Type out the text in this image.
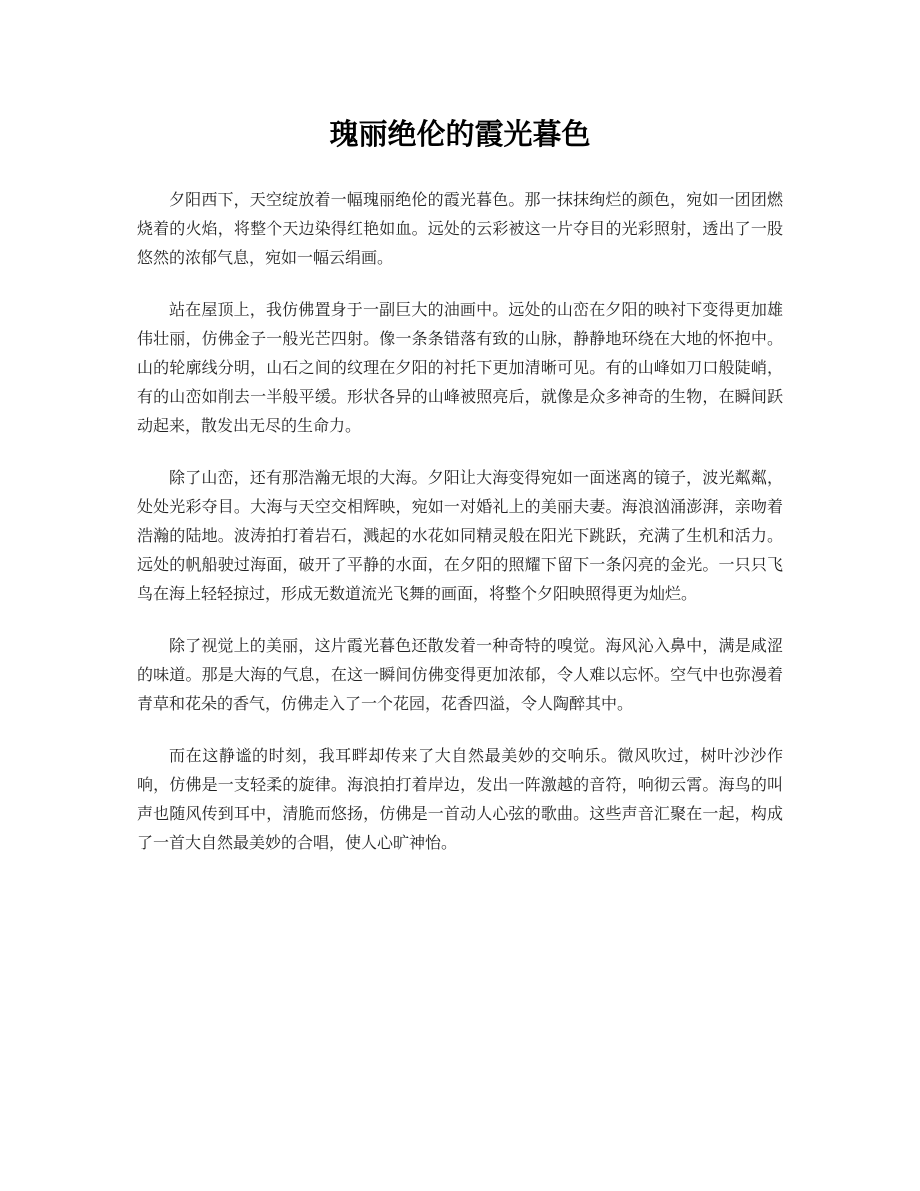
瑰丽绝伦的霞光暮色

夕阳西下，天空绽放着一幅瑰丽绝伦的霞光暮色。那一抹抹绚烂的颜色，宛如一团团燃烧着的火焰，将整个天边染得红艳如血。远处的云彩被这一片夺目的光彩照射，透出了一股悠然的浓郁气息，宛如一幅云绢画。

站在屋顶上，我仿佛置身于一副巨大的油画中。远处的山峦在夕阳的映衬下变得更加雄伟壮丽，仿佛金子一般光芒四射。像一条条错落有致的山脉，静静地环绕在大地的怀抱中。山的轮廓线分明，山石之间的纹理在夕阳的衬托下更加清晰可见。有的山峰如刀口般陡峭，有的山峦如削去一半般平缓。形状各异的山峰被照亮后，就像是众多神奇的生物，在瞬间跃动起来，散发出无尽的生命力。

除了山峦，还有那浩瀚无垠的大海。夕阳让大海变得宛如一面迷离的镜子，波光粼粼，处处光彩夺目。大海与天空交相辉映，宛如一对婚礼上的美丽夫妻。海浪汹涌澎湃，亲吻着浩瀚的陆地。波涛拍打着岩石，溅起的水花如同精灵般在阳光下跳跃，充满了生机和活力。远处的帆船驶过海面，破开了平静的水面，在夕阳的照耀下留下一条闪亮的金光。一只只飞鸟在海上轻轻掠过，形成无数道流光飞舞的画面，将整个夕阳映照得更为灿烂。

除了视觉上的美丽，这片霞光暮色还散发着一种奇特的嗅觉。海风沁入鼻中，满是咸涩的味道。那是大海的气息，在这一瞬间仿佛变得更加浓郁，令人难以忘怀。空气中也弥漫着青草和花朵的香气，仿佛走入了一个花园，花香四溢，令人陶醉其中。

而在这静谧的时刻，我耳畔却传来了大自然最美妙的交响乐。微风吹过，树叶沙沙作响，仿佛是一支轻柔的旋律。海浪拍打着岸边，发出一阵激越的音符，响彻云霄。海鸟的叫声也随风传到耳中，清脆而悠扬，仿佛是一首动人心弦的歌曲。这些声音汇聚在一起，构成了一首大自然最美妙的合唱，使人心旷神怡。
